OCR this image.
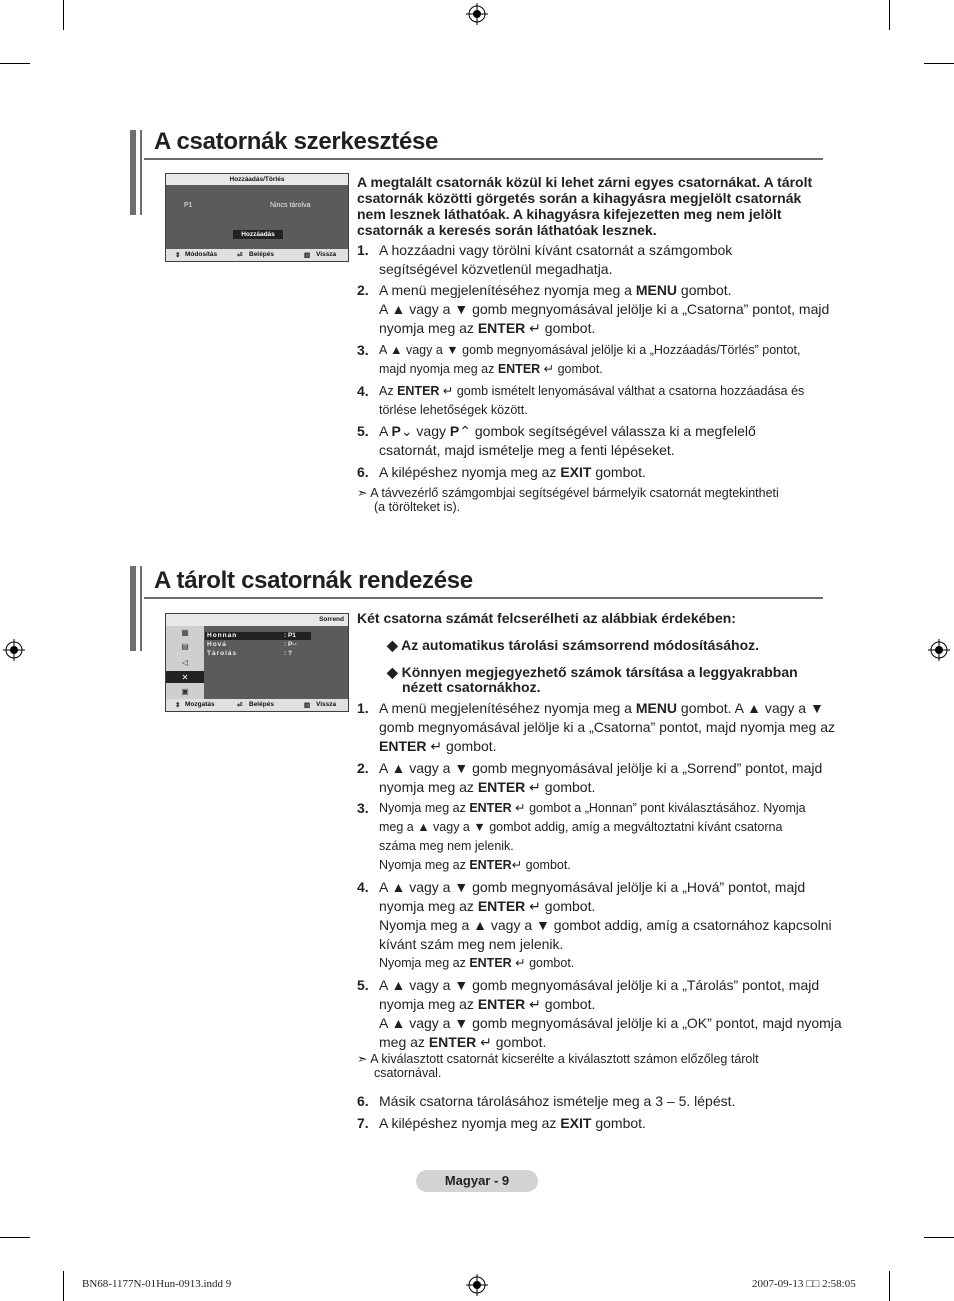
A csatornák szerkesztése
Hozzáadás/Törlés
P1	Nincs tárolva
Hozzáadás
⇕ Módosítás	⏎ Belépés	▥ Vissza
A megtalált csatornák közül ki lehet zárni egyes csatornákat. A tárolt csatornák közötti görgetés során a kihagyásra megjelölt csatornák nem lesznek láthatóak. A kihagyásra kifejezetten meg nem jelölt csatornák a keresés során láthatóak lesznek.
1. A hozzáadni vagy törölni kívánt csatornát a számgombok
segítségével közvetlenül megadhatja.
2. A menü megjelenítéséhez nyomja meg a MENU gombot.
A ▲ vagy a ▼ gomb megnyomásával jelölje ki a „Csatorna” pontot, majd
nyomja meg az ENTER ↵ gombot.
3. A ▲ vagy a ▼ gomb megnyomásával jelölje ki a „Hozzáadás/Törlés” pontot,
majd nyomja meg az ENTER ↵ gombot.
4. Az ENTER ↵ gomb ismételt lenyomásával válthat a csatorna hozzáadása és
törlése lehetőségek között.
5. A P⌄ vagy P⌃ gombok segítségével válassza ki a megfelelő
csatornát, majd ismételje meg a fenti lépéseket.
6. A kilépéshez nyomja meg az EXIT gombot.
➣ A távvezérlő számgombjai segítségével bármelyik csatornát megtekintheti
(a törölteket is).
A tárolt csatornák rendezése
Sorrend
▦
▤
◁
✕
▣
Honnan	: P1
Hová	: P--
Tárolás	: ?
⇕ Mozgatás	⏎ Belépés	▥ Vissza
Két csatorna számát felcserélheti az alábbiak érdekében:
◆ Az automatikus tárolási számsorrend módosításához.
◆ Könnyen megjegyezhető számok társítása a leggyakrabban
nézett csatornákhoz.
1. A menü megjelenítéséhez nyomja meg a MENU gombot. A ▲ vagy a ▼
gomb megnyomásával jelölje ki a „Csatorna” pontot, majd nyomja meg az
ENTER ↵ gombot.
2. A ▲ vagy a ▼ gomb megnyomásával jelölje ki a „Sorrend” pontot, majd
nyomja meg az ENTER ↵ gombot.
3. Nyomja meg az ENTER ↵ gombot a „Honnan” pont kiválasztásához. Nyomja
meg a ▲ vagy a ▼ gombot addig, amíg a megváltoztatni kívánt csatorna
száma meg nem jelenik.
Nyomja meg az ENTER↵ gombot.
4. A ▲ vagy a ▼ gomb megnyomásával jelölje ki a „Hová” pontot, majd
nyomja meg az ENTER ↵ gombot.
Nyomja meg a ▲ vagy a ▼ gombot addig, amíg a csatornához kapcsolni
kívánt szám meg nem jelenik.
Nyomja meg az ENTER ↵ gombot.
5. A ▲ vagy a ▼ gomb megnyomásával jelölje ki a „Tárolás” pontot, majd
nyomja meg az ENTER ↵ gombot.
A ▲ vagy a ▼ gomb megnyomásával jelölje ki a „OK” pontot, majd nyomja
meg az ENTER ↵ gombot.
➣ A kiválasztott csatornát kicserélte a kiválasztott számon előzőleg tárolt
csatornával.
6. Másik csatorna tárolásához ismételje meg a 3 – 5. lépést.
7. A kilépéshez nyomja meg az EXIT gombot.
Magyar - 9
BN68-1177N-01Hun-0913.indd 9	2007-09-13 □□ 2:58:05
